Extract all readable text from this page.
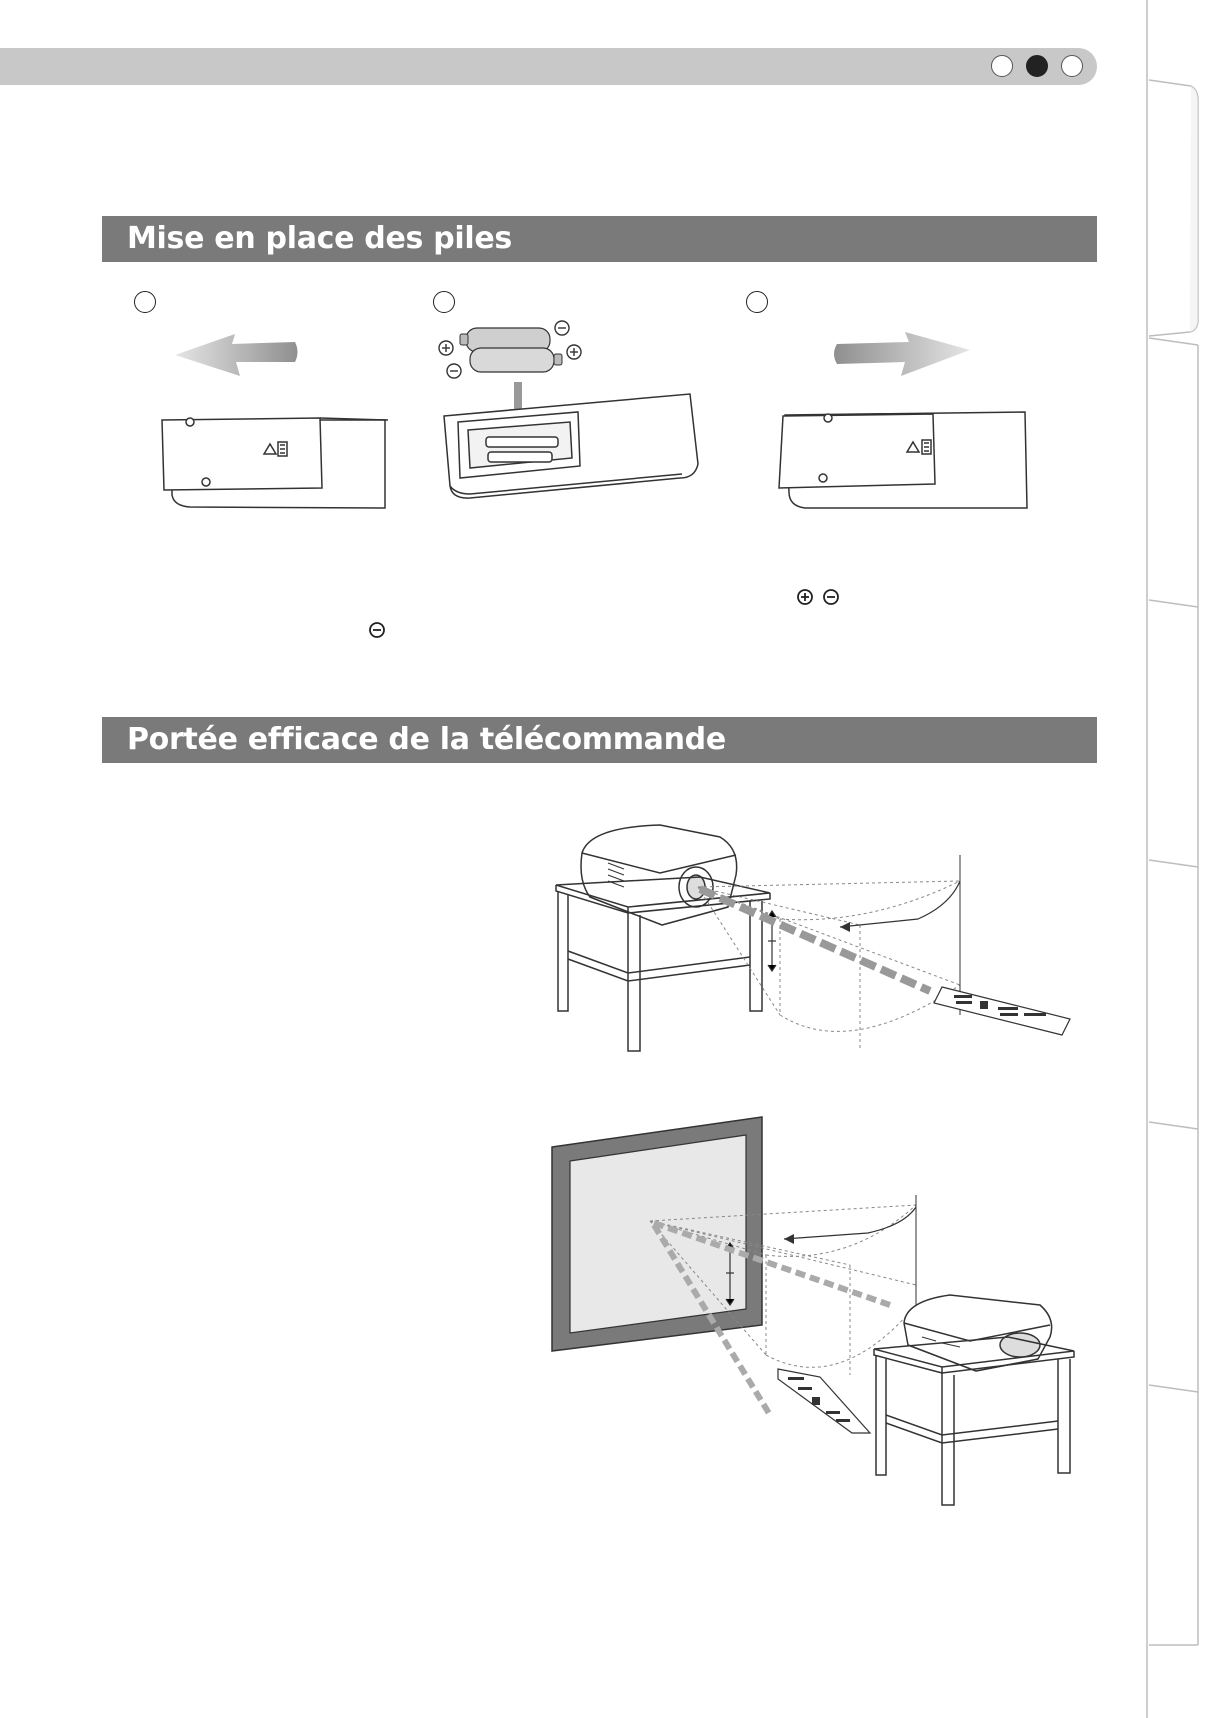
Mise en place des piles
Portée efficace de la télécommande
